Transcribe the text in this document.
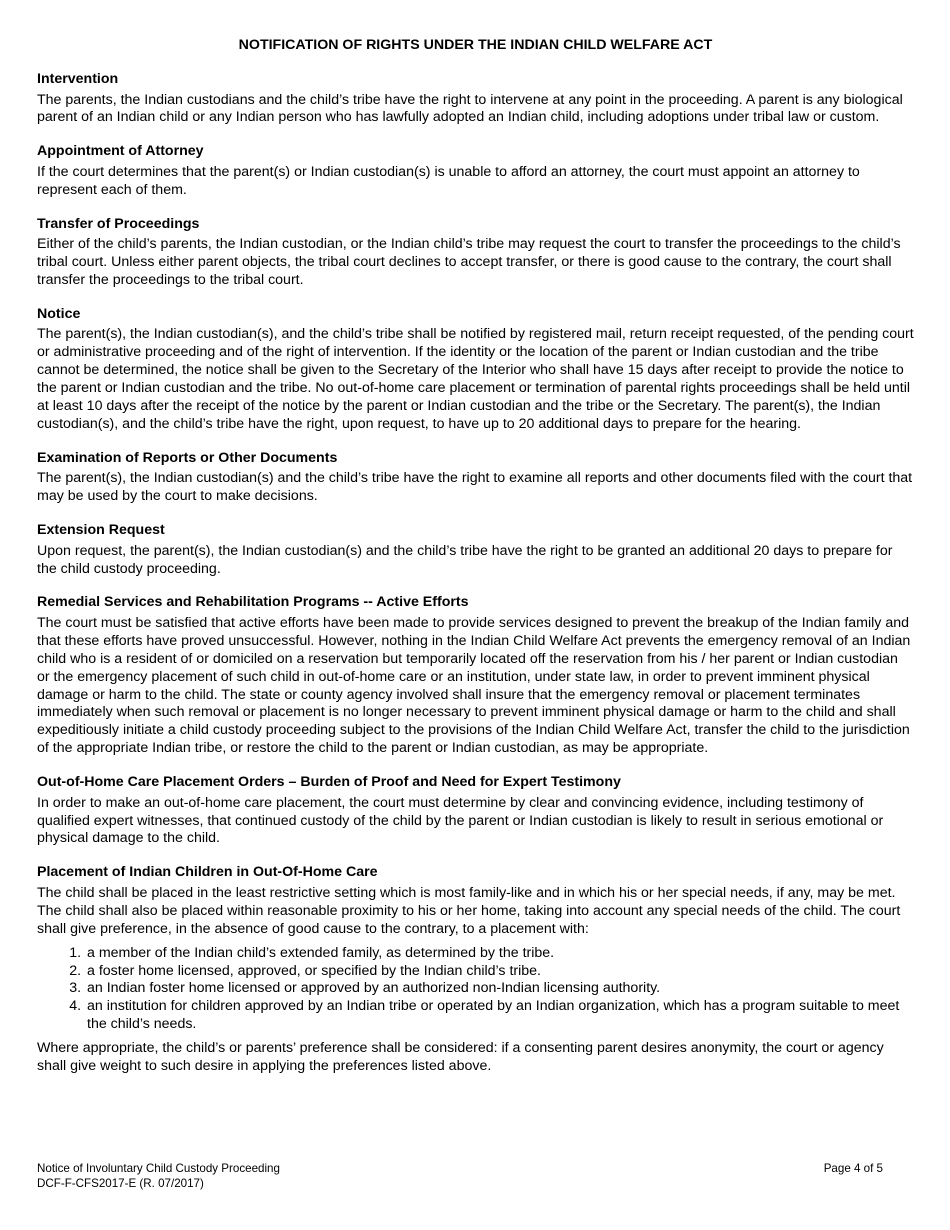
NOTIFICATION OF RIGHTS UNDER THE INDIAN CHILD WELFARE ACT
Intervention

The parents, the Indian custodians and the child’s tribe have the right to intervene at any point in the proceeding. A parent is any biological parent of an Indian child or any Indian person who has lawfully adopted an Indian child, including adoptions under tribal law or custom.

Appointment of Attorney

If the court determines that the parent(s) or Indian custodian(s) is unable to afford an attorney, the court must appoint an attorney to represent each of them.

Transfer of Proceedings

Either of the child’s parents, the Indian custodian, or the Indian child’s tribe may request the court to transfer the proceedings to the child’s tribal court. Unless either parent objects, the tribal court declines to accept transfer, or there is good cause to the contrary, the court shall transfer the proceedings to the tribal court.

Notice

The parent(s), the Indian custodian(s), and the child’s tribe shall be notified by registered mail, return receipt requested, of the pending court or administrative proceeding and of the right of intervention. If the identity or the location of the parent or Indian custodian and the tribe cannot be determined, the notice shall be given to the Secretary of the Interior who shall have 15 days after receipt to provide the notice to the parent or Indian custodian and the tribe. No out-of-home care placement or termination of parental rights proceedings shall be held until at least 10 days after the receipt of the notice by the parent or Indian custodian and the tribe or the Secretary. The parent(s), the Indian custodian(s), and the child’s tribe have the right, upon request, to have up to 20 additional days to prepare for the hearing.

Examination of Reports or Other Documents

The parent(s), the Indian custodian(s) and the child’s tribe have the right to examine all reports and other documents filed with the court that may be used by the court to make decisions.

Extension Request

Upon request, the parent(s), the Indian custodian(s) and the child’s tribe have the right to be granted an additional 20 days to prepare for the child custody proceeding.

Remedial Services and Rehabilitation Programs -- Active Efforts

The court must be satisfied that active efforts have been made to provide services designed to prevent the breakup of the Indian family and that these efforts have proved unsuccessful. However, nothing in the Indian Child Welfare Act prevents the emergency removal of an Indian child who is a resident of or domiciled on a reservation but temporarily located off the reservation from his / her parent or Indian custodian or the emergency placement of such child in out-of-home care or an institution, under state law, in order to prevent imminent physical damage or harm to the child. The state or county agency involved shall insure that the emergency removal or placement terminates immediately when such removal or placement is no longer necessary to prevent imminent physical damage or harm to the child and shall expeditiously initiate a child custody proceeding subject to the provisions of the Indian Child Welfare Act, transfer the child to the jurisdiction of the appropriate Indian tribe, or restore the child to the parent or Indian custodian, as may be appropriate.

Out-of-Home Care Placement Orders – Burden of Proof and Need for Expert Testimony

In order to make an out-of-home care placement, the court must determine by clear and convincing evidence, including testimony of qualified expert witnesses, that continued custody of the child by the parent or Indian custodian is likely to result in serious emotional or physical damage to the child.

Placement of Indian Children in Out-Of-Home Care

The child shall be placed in the least restrictive setting which is most family-like and in which his or her special needs, if any, may be met. The child shall also be placed within reasonable proximity to his or her home, taking into account any special needs of the child. The court shall give preference, in the absence of good cause to the contrary, to a placement with:

1. a member of the Indian child’s extended family, as determined by the tribe.
2. a foster home licensed, approved, or specified by the Indian child’s tribe.
3. an Indian foster home licensed or approved by an authorized non-Indian licensing authority.
4. an institution for children approved by an Indian tribe or operated by an Indian organization, which has a program suitable to meet the child’s needs.

Where appropriate, the child’s or parents’ preference shall be considered: if a consenting parent desires anonymity, the court or agency shall give weight to such desire in applying the preferences listed above.

Notice of Involuntary Child Custody Proceeding
DCF-F-CFS2017-E (R. 07/2017)
Page 4 of 5
